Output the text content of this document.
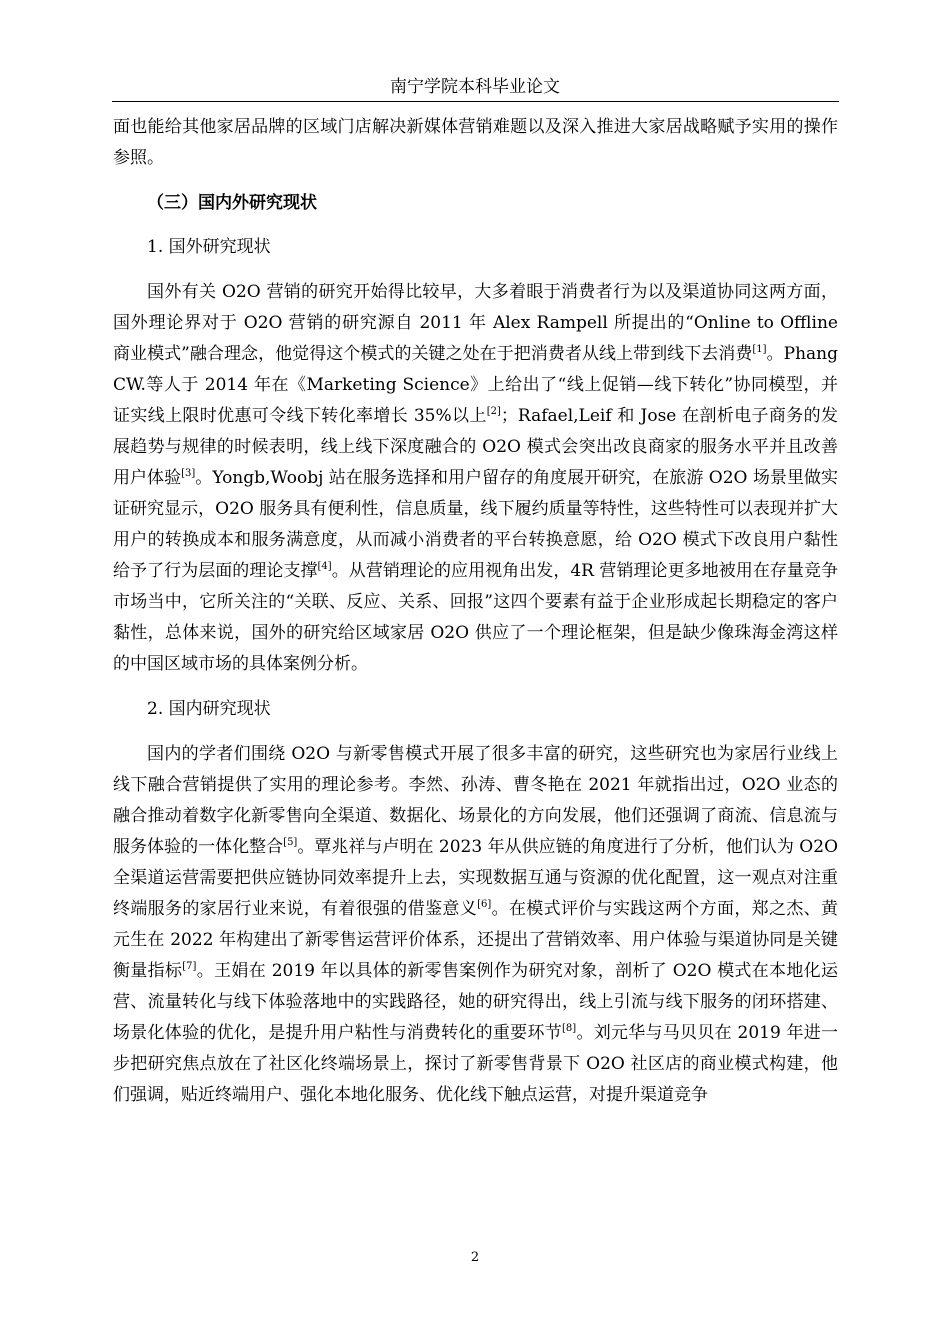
南宁学院本科毕业论文

面也能给其他家居品牌的区域门店解决新媒体营销难题以及深入推进大家居战略赋予实用的操作参照。

（三）国内外研究现状

1. 国外研究现状

国外有关 O2O 营销的研究开始得比较早，大多着眼于消费者行为以及渠道协同这两方面，国外理论界对于 O2O 营销的研究源自 2011 年 Alex Rampell 所提出的“Online to Offline 商业模式”融合理念，他觉得这个模式的关键之处在于把消费者从线上带到线下去消费[1]。Phang CW.等人于 2014 年在《Marketing Science》上给出了“线上促销—线下转化”协同模型，并证实线上限时优惠可令线下转化率增长 35%以上[2]；Rafael,Leif 和 Jose 在剖析电子商务的发展趋势与规律的时候表明，线上线下深度融合的 O2O 模式会突出改良商家的服务水平并且改善用户体验[3]。Yongb,Woobj 站在服务选择和用户留存的角度展开研究，在旅游 O2O 场景里做实证研究显示，O2O 服务具有便利性，信息质量，线下履约质量等特性，这些特性可以表现并扩大用户的转换成本和服务满意度，从而减小消费者的平台转换意愿，给 O2O 模式下改良用户黏性给予了行为层面的理论支撑[4]。从营销理论的应用视角出发，4R 营销理论更多地被用在存量竞争市场当中，它所关注的“关联、反应、关系、回报”这四个要素有益于企业形成起长期稳定的客户黏性，总体来说，国外的研究给区域家居 O2O 供应了一个理论框架，但是缺少像珠海金湾这样的中国区域市场的具体案例分析。

2. 国内研究现状

国内的学者们围绕 O2O 与新零售模式开展了很多丰富的研究，这些研究也为家居行业线上线下融合营销提供了实用的理论参考。李然、孙涛、曹冬艳在 2021 年就指出过，O2O 业态的融合推动着数字化新零售向全渠道、数据化、场景化的方向发展，他们还强调了商流、信息流与服务体验的一体化整合[5]。覃兆祥与卢明在 2023 年从供应链的角度进行了分析，他们认为 O2O 全渠道运营需要把供应链协同效率提升上去，实现数据互通与资源的优化配置，这一观点对注重终端服务的家居行业来说，有着很强的借鉴意义[6]。在模式评价与实践这两个方面，郑之杰、黄元生在 2022 年构建出了新零售运营评价体系，还提出了营销效率、用户体验与渠道协同是关键衡量指标[7]。王娟在 2019 年以具体的新零售案例作为研究对象，剖析了 O2O 模式在本地化运营、流量转化与线下体验落地中的实践路径，她的研究得出，线上引流与线下服务的闭环搭建、场景化体验的优化，是提升用户粘性与消费转化的重要环节[8]。刘元华与马贝贝在 2019 年进一步把研究焦点放在了社区化终端场景上，探讨了新零售背景下 O2O 社区店的商业模式构建，他们强调，贴近终端用户、强化本地化服务、优化线下触点运营，对提升渠道竞争

2
